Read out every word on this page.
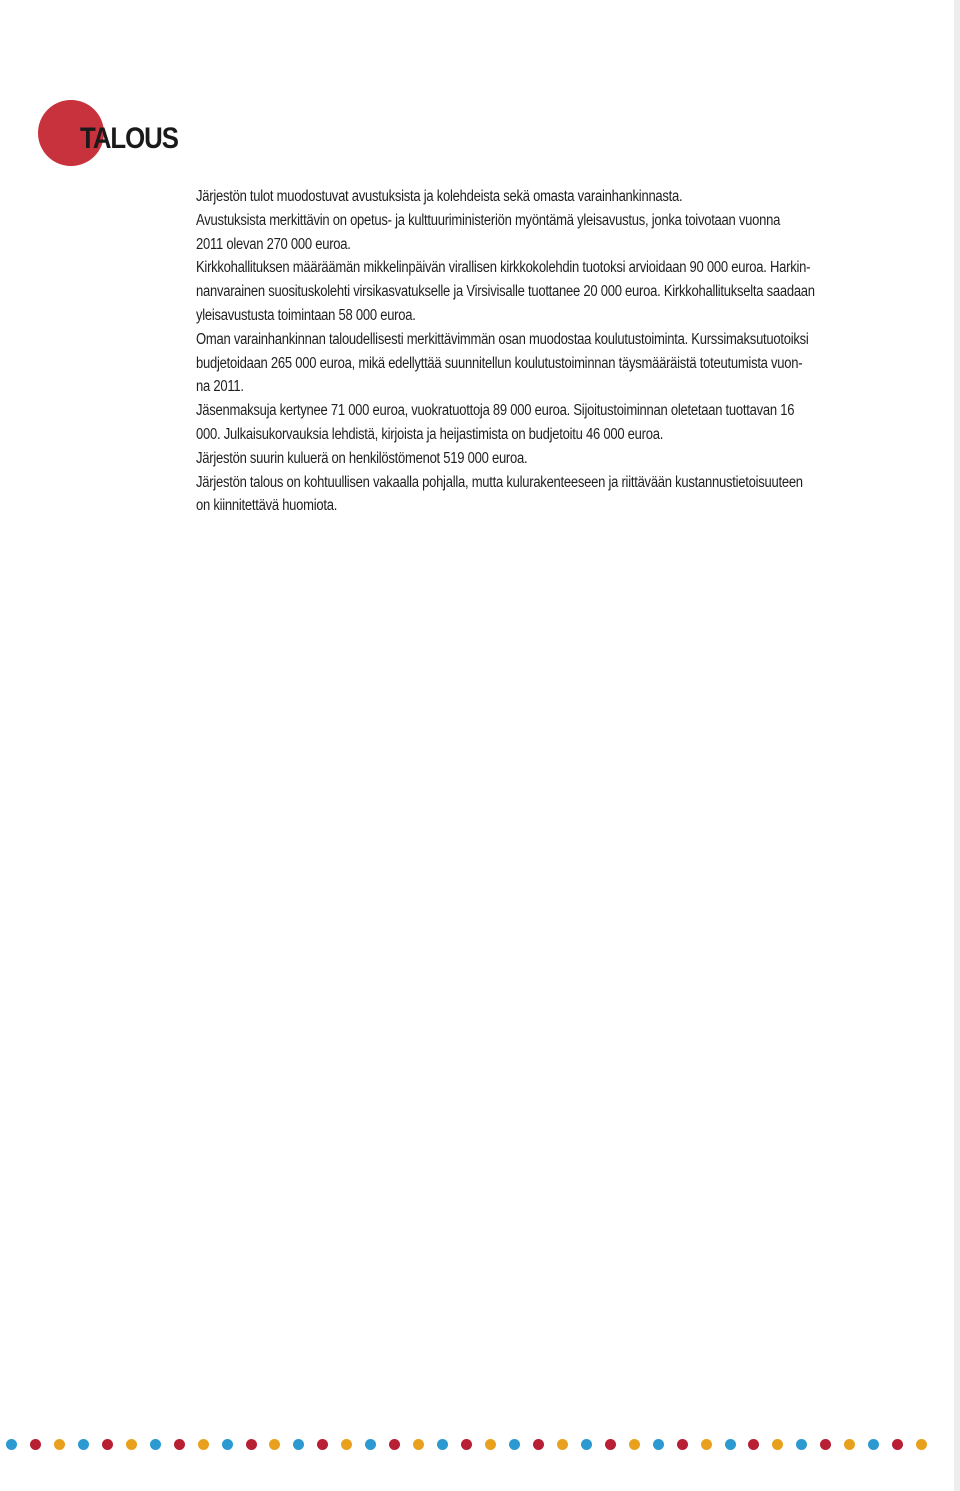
TALOUS

Järjestön tulot muodostuvat avustuksista ja kolehdeista sekä omasta varainhankinnasta.

Avustuksista merkittävin on opetus- ja kulttuuriministeriön myöntämä yleisavustus, jonka toivotaan vuonna

2011 olevan 270 000 euroa.

Kirkkohallituksen määräämän mikkelinpäivän virallisen kirkkokolehdin tuotoksi arvioidaan 90 000 euroa. Harkin-

nanvarainen suosituskolehti virsikasvatukselle ja Virsivisalle tuottanee 20 000 euroa. Kirkkohallitukselta saadaan

yleisavustusta toimintaan 58 000 euroa.

Oman varainhankinnan taloudellisesti merkittävimmän osan muodostaa koulutustoiminta. Kurssimaksutuotoiksi

budjetoidaan 265 000 euroa, mikä edellyttää suunnitellun koulutustoiminnan täysmääräistä toteutumista vuon-

na 2011.

Jäsenmaksuja kertynee 71 000 euroa, vuokratuottoja 89 000 euroa. Sijoitustoiminnan oletetaan tuottavan 16

000. Julkaisukorvauksia lehdistä, kirjoista ja heijastimista on budjetoitu 46 000 euroa.

Järjestön suurin kuluerä on henkilöstömenot 519 000 euroa.

Järjestön talous on kohtuullisen vakaalla pohjalla, mutta kulurakenteeseen ja riittävään kustannustietoisuuteen

on kiinnitettävä huomiota.
